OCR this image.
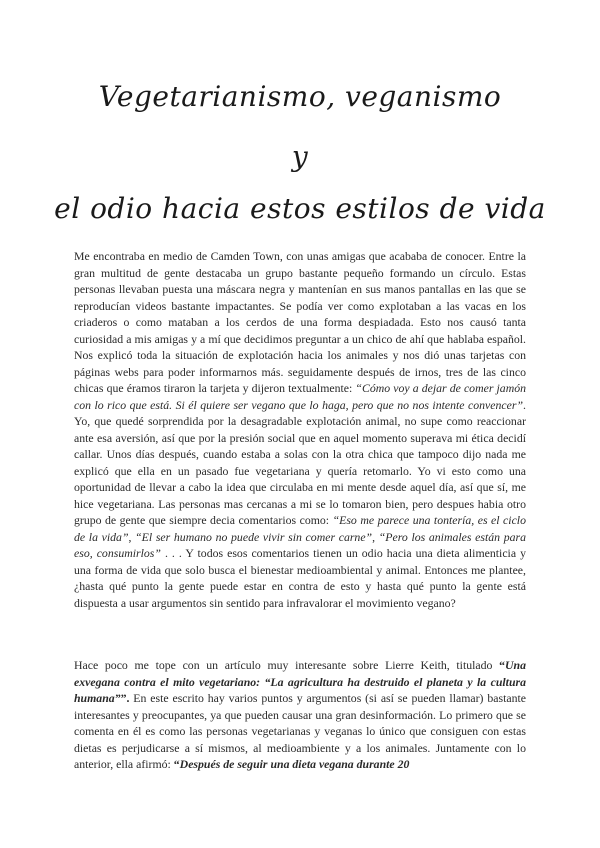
Vegetarianismo, veganismo
y
el odio hacia estos estilos de vida

Me encontraba en medio de Camden Town, con unas amigas que acababa de conocer. Entre la gran multitud de gente destacaba un grupo bastante pequeño formando un círculo. Estas personas llevaban puesta una máscara negra y mantenían en sus manos pantallas en las que se reproducían videos bastante impactantes. Se podía ver como explotaban a las vacas en los criaderos o como mataban a los cerdos de una forma despiadada. Esto nos causó tanta curiosidad a mis amigas y a mí que decidimos preguntar a un chico de ahí que hablaba español. Nos explicó toda la situación de explotación hacia los animales y nos dió unas tarjetas con páginas webs para poder informarnos más. seguidamente después de irnos, tres de las cinco chicas que éramos tiraron la tarjeta y dijeron textualmente: “Cómo voy a dejar de comer jamón con lo rico que está. Si él quiere ser vegano que lo haga, pero que no nos intente convencer”. Yo, que quedé sorprendida por la desagradable explotación animal, no supe como reaccionar ante esa aversión, así que por la presión social que en aquel momento superava mi ética decidí callar. Unos días después, cuando estaba a solas con la otra chica que tampoco dijo nada me explicó que ella en un pasado fue vegetariana y quería retomarlo. Yo vi esto como una oportunidad de llevar a cabo la idea que circulaba en mi mente desde aquel día, así que sí, me hice vegetariana. Las personas mas cercanas a mi se lo tomaron bien, pero despues habia otro grupo de gente que siempre decia comentarios como: “Eso me parece una tontería, es el ciclo de la vida”, “El ser humano no puede vivir sin comer carne”, “Pero los animales están para eso, consumirlos” . . . Y todos esos comentarios tienen un odio hacia una dieta alimenticia y una forma de vida que solo busca el bienestar medioambiental y animal. Entonces me plantee, ¿hasta qué punto la gente puede estar en contra de esto y hasta qué punto la gente está dispuesta a usar argumentos sin sentido para infravalorar el movimiento vegano?

Hace poco me tope con un artículo muy interesante sobre Lierre Keith, titulado “Una exvegana contra el mito vegetariano: “La agricultura ha destruido el planeta y la cultura humana””. En este escrito hay varios puntos y argumentos (si así se pueden llamar) bastante interesantes y preocupantes, ya que pueden causar una gran desinformación. Lo primero que se comenta en él es como las personas vegetarianas y veganas lo único que consiguen con estas dietas es perjudicarse a sí mismos, al medioambiente y a los animales. Juntamente con lo anterior, ella afirmó: “Después de seguir una dieta vegana durante 20
